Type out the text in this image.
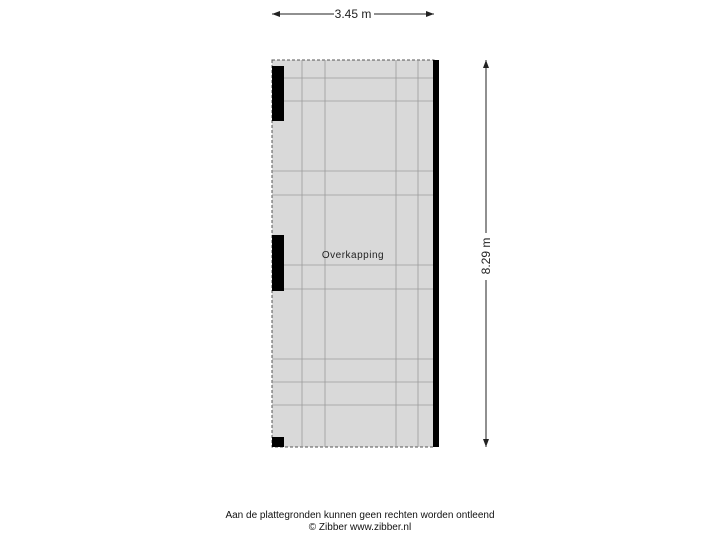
3.45 m
8.29 m
Overkapping
Aan de plattegronden kunnen geen rechten worden ontleend
© Zibber www.zibber.nl
